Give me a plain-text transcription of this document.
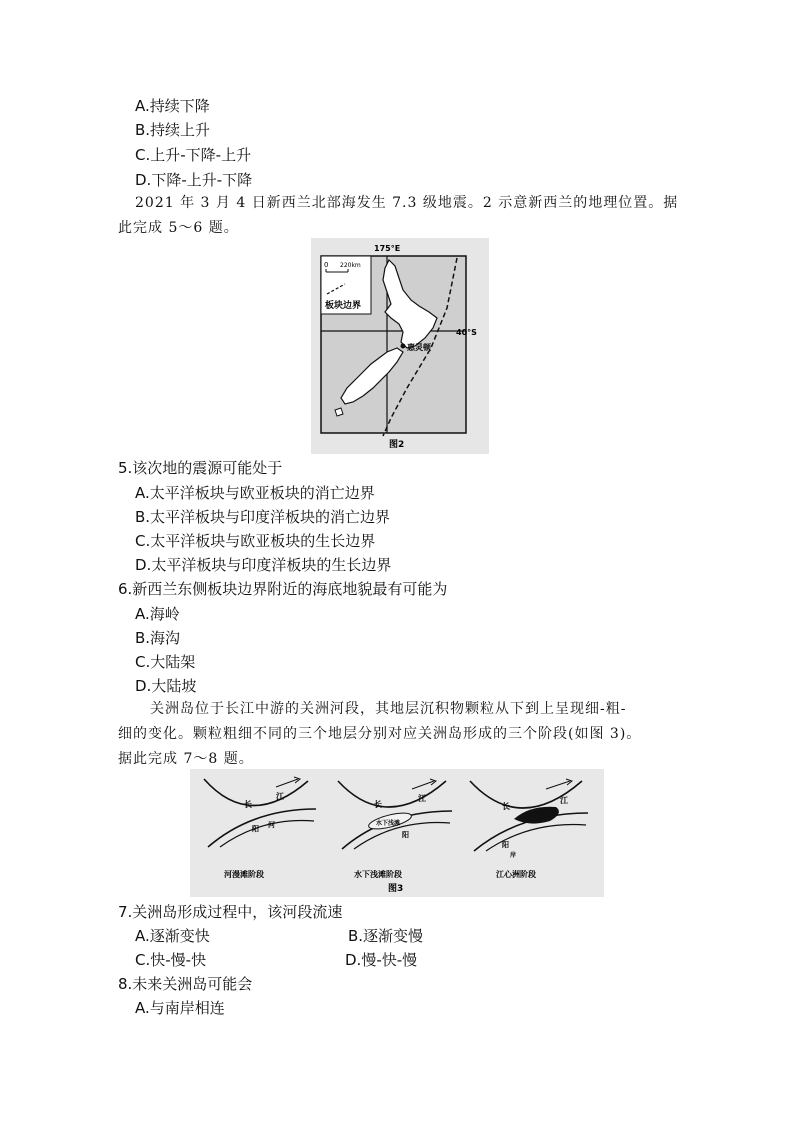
A.持续下降
B.持续上升
C.上升-下降-上升
D.下降-上升-下降
2021 年 3 月 4 日新西兰北部海发生 7.3 级地震。2 示意新西兰的地理位置。据
此完成 5～6 题。
0 220km
板块边界
惠灵顿
175°E
40°S
图2
5.该次地的震源可能处于
A.太平洋板块与欧亚板块的消亡边界
B.太平洋板块与印度洋板块的消亡边界
C.太平洋板块与欧亚板块的生长边界
D.太平洋板块与印度洋板块的生长边界
6.新西兰东侧板块边界附近的海底地貌最有可能为
A.海岭
B.海沟
C.大陆架
D.大陆坡
关洲岛位于长江中游的关洲河段，其地层沉积物颗粒从下到上呈现细-粗-
细的变化。颗粒粗细不同的三个地层分别对应关洲岛形成的三个阶段(如图 3)。
据此完成 7～8 题。
长
江
阳 河
河漫滩阶段
水下浅滩
长
江
阳
水下浅滩阶段
长
江
阳
岸
江心洲阶段
图3
7.关洲岛形成过程中，该河段流速
A.逐渐变快	B.逐渐变慢
C.快-慢-快	D.慢-快-慢
8.未来关洲岛可能会
A.与南岸相连
